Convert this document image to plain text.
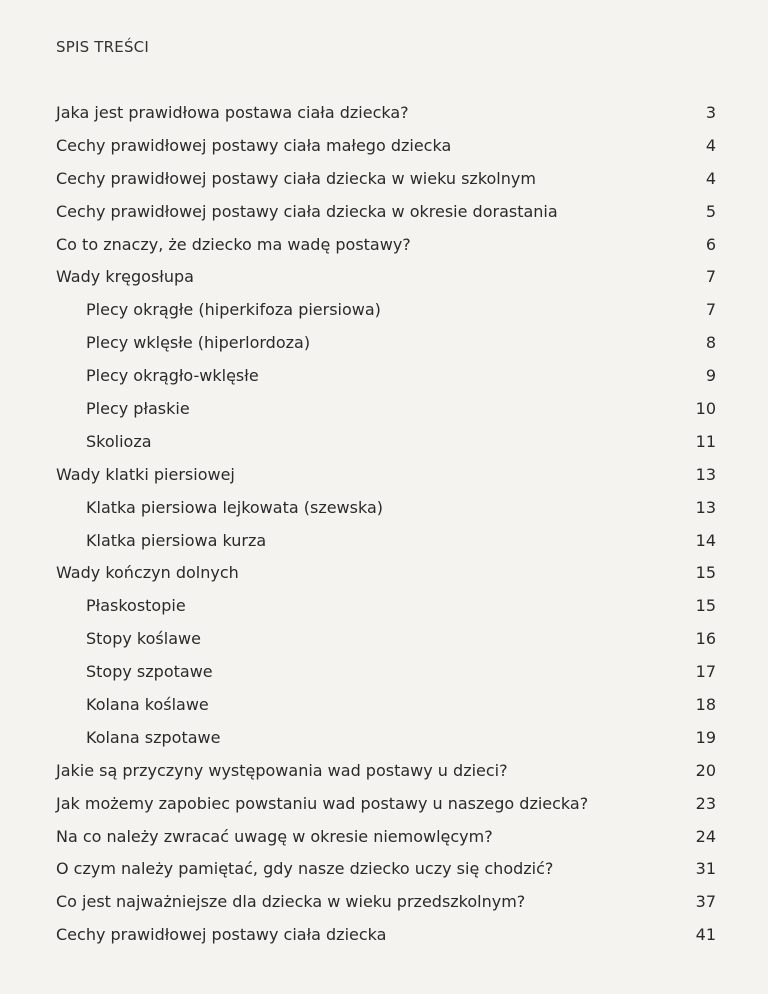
SPIS TREŚCI
Jaka jest prawidłowa postawa ciała dziecka?	3
Cechy prawidłowej postawy ciała małego dziecka	4
Cechy prawidłowej postawy ciała dziecka w wieku szkolnym	4
Cechy prawidłowej postawy ciała dziecka w okresie dorastania	5
Co to znaczy, że dziecko ma wadę postawy?	6
Wady kręgosłupa	7
Plecy okrągłe (hiperkifoza piersiowa)	7
Plecy wklęsłe (hiperlordoza)	8
Plecy okrągło-wklęsłe	9
Plecy płaskie	10
Skolioza	11
Wady klatki piersiowej	13
Klatka piersiowa lejkowata (szewska)	13
Klatka piersiowa kurza	14
Wady kończyn dolnych	15
Płaskostopie	15
Stopy koślawe	16
Stopy szpotawe	17
Kolana koślawe	18
Kolana szpotawe	19
Jakie są przyczyny występowania wad postawy u dzieci?	20
Jak możemy zapobiec powstaniu wad postawy u naszego dziecka?	23
Na co należy zwracać uwagę w okresie niemowlęcym?	24
O czym należy pamiętać, gdy nasze dziecko uczy się chodzić?	31
Co jest najważniejsze dla dziecka w wieku przedszkolnym?	37
Cechy prawidłowej postawy ciała dziecka	41
